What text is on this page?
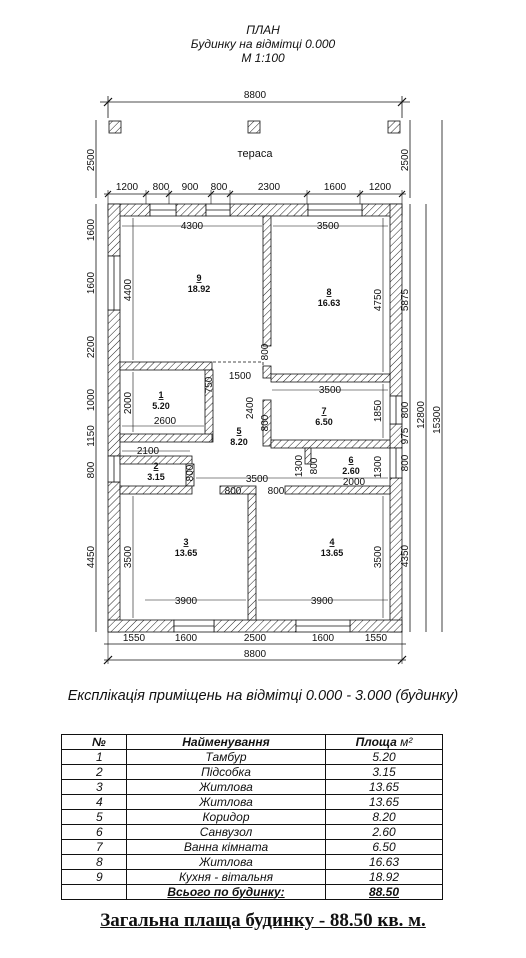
ПЛАН
Будинку на відмітці 0.000
М 1:100
8800
тераса
2500	2500
1200 800 900 800	2300	1600 1200
4300	3500
4400	4750
800
1500
750
2400
3500
1850
800
2000
2600
2100
800	1300 800	1300
2000
3500
800	800
3500
3900
3500
3900
9
18.92	8
16.63
1
5.20	7
6.50
5
8.20
2
3.15
6
2.60
3
13.65
4
13.65
1600
1600
2200
1000
1150
800
4450
5875
800
975
800
4350
12800 15300
1550	1600	2500	1600	1550
8800
Експлікація приміщень на відмітці 0.000 - 3.000 (будинку)
№	Найменування	Площа м²
1	Тамбур	5.20
2	Підсобка	3.15
3	Житлова	13.65
4	Житлова	13.65
5	Коридор	8.20
6	Санвузол	2.60
7	Ванна кімната	6.50
8	Житлова	16.63
9	Кухня - вітальня	18.92
	Всього по будинку:	88.50
Загальна плаща будинку - 88.50 кв. м.
